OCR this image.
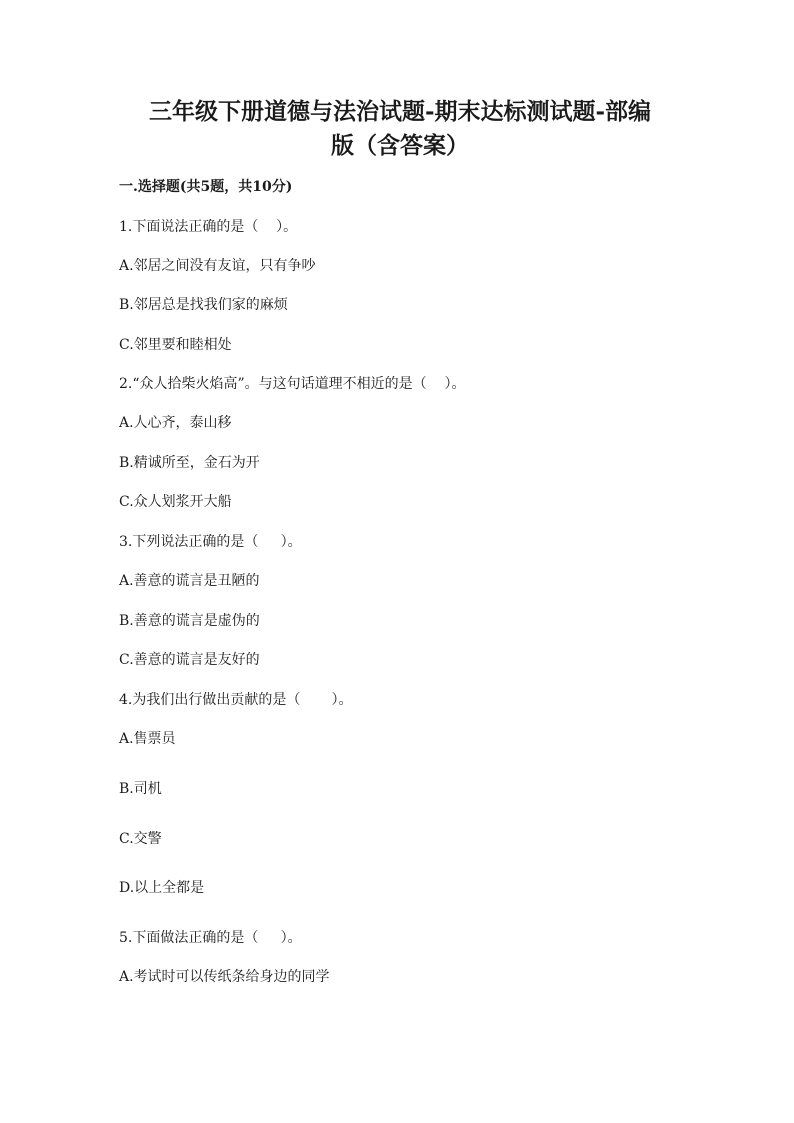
三年级下册道德与法治试题-期末达标测试题-部编
版（含答案）
一.选择题(共5题，共10分)
1.下面说法正确的是（    ）。
A.邻居之间没有友谊，只有争吵
B.邻居总是找我们家的麻烦
C.邻里要和睦相处
2.“众人拾柴火焰高”。与这句话道理不相近的是（    ）。
A.人心齐，泰山移
B.精诚所至，金石为开
C.众人划浆开大船
3.下列说法正确的是（     ）。
A.善意的谎言是丑陋的
B.善意的谎言是虚伪的
C.善意的谎言是友好的
4.为我们出行做出贡献的是（       ）。
A.售票员
B.司机
C.交警
D.以上全都是
5.下面做法正确的是（     ）。
A.考试时可以传纸条给身边的同学
